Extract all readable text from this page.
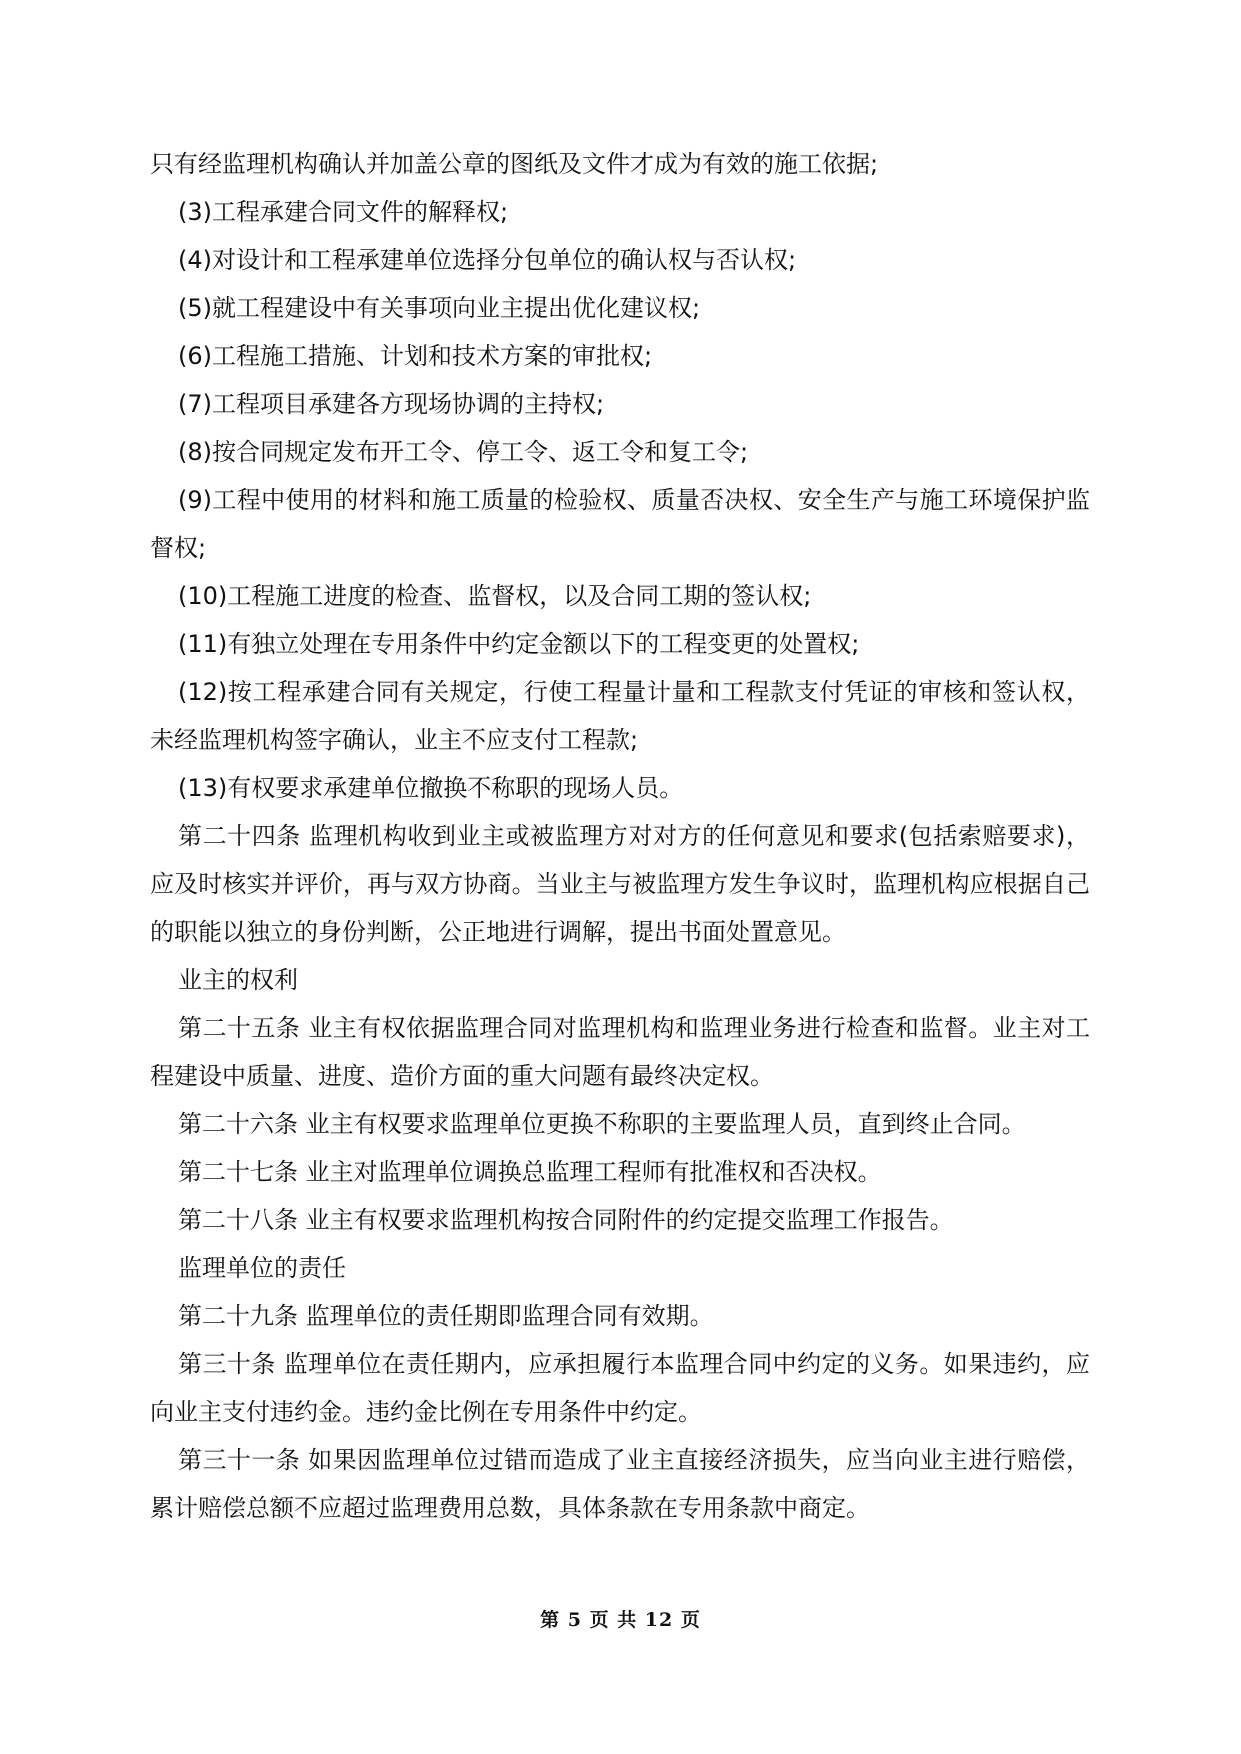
只有经监理机构确认并加盖公章的图纸及文件才成为有效的施工依据;

(3)工程承建合同文件的解释权;

(4)对设计和工程承建单位选择分包单位的确认权与否认权;

(5)就工程建设中有关事项向业主提出优化建议权;

(6)工程施工措施、计划和技术方案的审批权;

(7)工程项目承建各方现场协调的主持权;

(8)按合同规定发布开工令、停工令、返工令和复工令;

(9)工程中使用的材料和施工质量的检验权、质量否决权、安全生产与施工环境保护监督权;

(10)工程施工进度的检查、监督权，以及合同工期的签认权;

(11)有独立处理在专用条件中约定金额以下的工程变更的处置权;

(12)按工程承建合同有关规定，行使工程量计量和工程款支付凭证的审核和签认权，未经监理机构签字确认，业主不应支付工程款;

(13)有权要求承建单位撤换不称职的现场人员。

第二十四条 监理机构收到业主或被监理方对对方的任何意见和要求(包括索赔要求)，应及时核实并评价，再与双方协商。当业主与被监理方发生争议时，监理机构应根据自己的职能以独立的身份判断，公正地进行调解，提出书面处置意见。

业主的权利

第二十五条 业主有权依据监理合同对监理机构和监理业务进行检查和监督。业主对工程建设中质量、进度、造价方面的重大问题有最终决定权。

第二十六条 业主有权要求监理单位更换不称职的主要监理人员，直到终止合同。

第二十七条 业主对监理单位调换总监理工程师有批准权和否决权。

第二十八条 业主有权要求监理机构按合同附件的约定提交监理工作报告。

监理单位的责任

第二十九条 监理单位的责任期即监理合同有效期。

第三十条 监理单位在责任期内，应承担履行本监理合同中约定的义务。如果违约，应向业主支付违约金。违约金比例在专用条件中约定。

第三十一条 如果因监理单位过错而造成了业主直接经济损失，应当向业主进行赔偿，累计赔偿总额不应超过监理费用总数，具体条款在专用条款中商定。

第 5 页 共 12 页
